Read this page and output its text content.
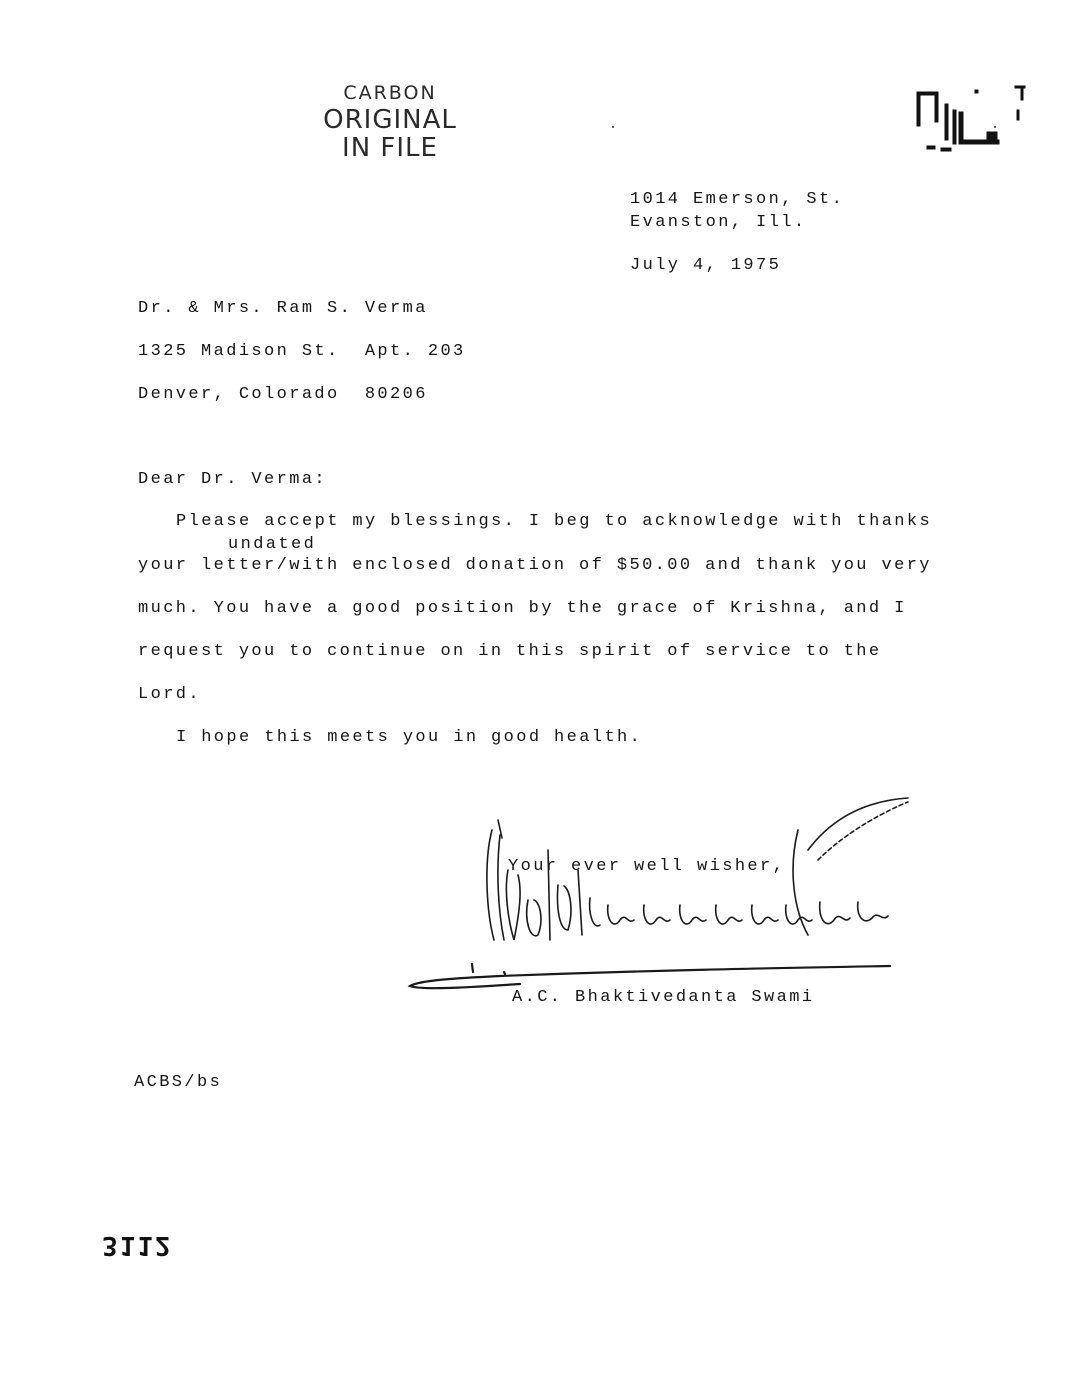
CARBON
ORIGINAL
IN FILE
1014 Emerson, St.
Evanston, Ill.
July 4, 1975
Dr. & Mrs. Ram S. Verma
1325 Madison St.  Apt. 203
Denver, Colorado  80206
Dear Dr. Verma:
Please accept my blessings. I beg to acknowledge with thanks
undated
your letter/with enclosed donation of $50.00 and thank you very
much. You have a good position by the grace of Krishna, and I
request you to continue on in this spirit of service to the
Lord.
I hope this meets you in good health.
Your ever well wisher,
A.C. Bhaktivedanta Swami
ACBS/bs
3112
